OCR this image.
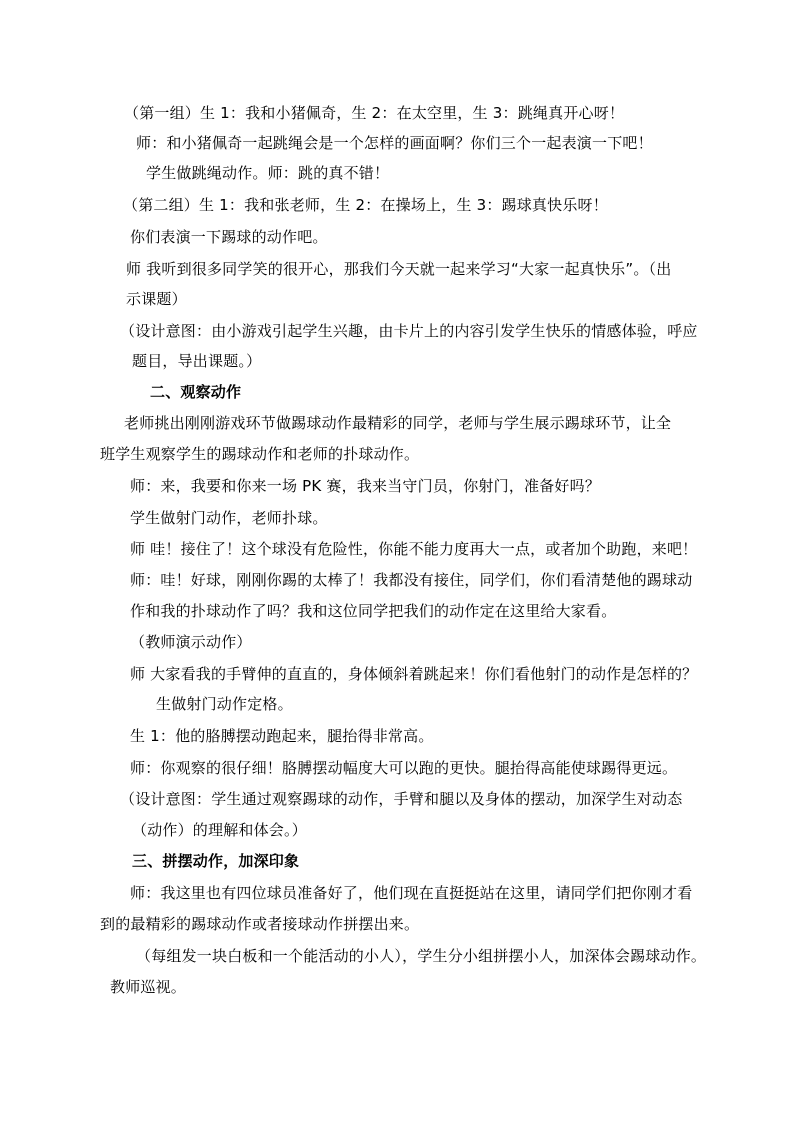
（第一组）生 1：我和小猪佩奇，生 2：在太空里，生 3：跳绳真开心呀！
师：和小猪佩奇一起跳绳会是一个怎样的画面啊？你们三个一起表演一下吧！
学生做跳绳动作。师：跳的真不错！
（第二组）生 1：我和张老师，生 2：在操场上，生 3：踢球真快乐呀！
你们表演一下踢球的动作吧。
师 我听到很多同学笑的很开心，那我们今天就一起来学习“大家一起真快乐”。（出
示课题）
（设计意图：由小游戏引起学生兴趣，由卡片上的内容引发学生快乐的情感体验，呼应
题目，导出课题。）
二、观察动作
老师挑出刚刚游戏环节做踢球动作最精彩的同学，老师与学生展示踢球环节，让全
班学生观察学生的踢球动作和老师的扑球动作。
师：来，我要和你来一场 PK 赛，我来当守门员，你射门，准备好吗？
学生做射门动作，老师扑球。
师 哇！接住了！这个球没有危险性，你能不能力度再大一点，或者加个助跑，来吧！
师：哇！好球，刚刚你踢的太棒了！我都没有接住，同学们，你们看清楚他的踢球动
作和我的扑球动作了吗？我和这位同学把我们的动作定在这里给大家看。
（教师演示动作）
师 大家看我的手臂伸的直直的，身体倾斜着跳起来！你们看他射门的动作是怎样的？
生做射门动作定格。
生 1：他的胳膊摆动跑起来，腿抬得非常高。
师：你观察的很仔细！胳膊摆动幅度大可以跑的更快。腿抬得高能使球踢得更远。
（设计意图：学生通过观察踢球的动作，手臂和腿以及身体的摆动，加深学生对动态
（动作）的理解和体会。）
三、拼摆动作，加深印象
师：我这里也有四位球员准备好了，他们现在直挺挺站在这里，请同学们把你刚才看
到的最精彩的踢球动作或者接球动作拼摆出来。
（每组发一块白板和一个能活动的小人），学生分小组拼摆小人，加深体会踢球动作。
教师巡视。
